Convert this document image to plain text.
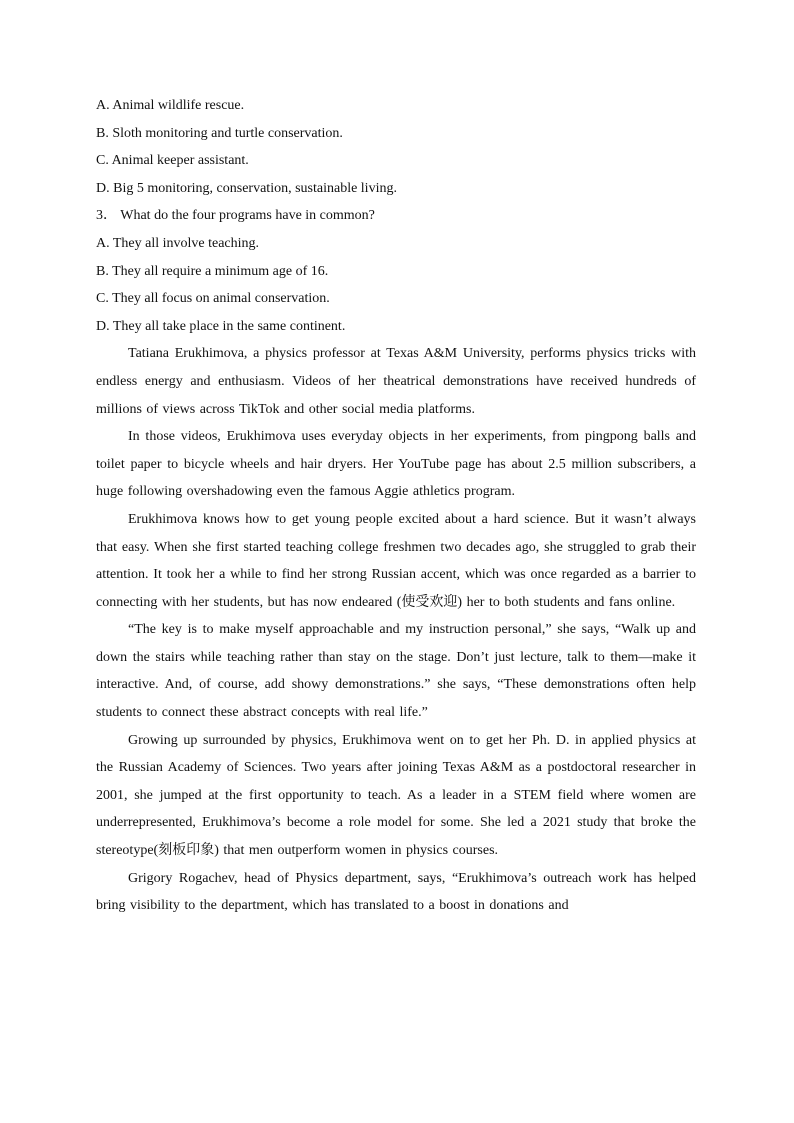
A. Animal wildlife rescue.
B. Sloth monitoring and turtle conservation.
C. Animal keeper assistant.
D. Big 5 monitoring, conservation, sustainable living.
3． What do the four programs have in common?
A. They all involve teaching.
B. They all require a minimum age of 16.
C. They all focus on animal conservation.
D. They all take place in the same continent.

Tatiana Erukhimova, a physics professor at Texas A&M University, performs physics tricks with endless energy and enthusiasm. Videos of her theatrical demonstrations have received hundreds of millions of views across TikTok and other social media platforms.

In those videos, Erukhimova uses everyday objects in her experiments, from pingpong balls and toilet paper to bicycle wheels and hair dryers. Her YouTube page has about 2.5 million subscribers, a huge following overshadowing even the famous Aggie athletics program.

Erukhimova knows how to get young people excited about a hard science. But it wasn’t always that easy. When she first started teaching college freshmen two decades ago, she struggled to grab their attention. It took her a while to find her strong Russian accent, which was once regarded as a barrier to connecting with her students, but has now endeared (使受欢迎) her to both students and fans online.

“The key is to make myself approachable and my instruction personal,” she says, “Walk up and down the stairs while teaching rather than stay on the stage. Don’t just lecture, talk to them—make it interactive. And, of course, add showy demonstrations.” she says, “These demonstrations often help students to connect these abstract concepts with real life.”

Growing up surrounded by physics, Erukhimova went on to get her Ph. D. in applied physics at the Russian Academy of Sciences. Two years after joining Texas A&M as a postdoctoral researcher in 2001, she jumped at the first opportunity to teach. As a leader in a STEM field where women are underrepresented, Erukhimova’s become a role model for some. She led a 2021 study that broke the stereotype(刻板印象) that men outperform women in physics courses.

Grigory Rogachev, head of Physics department, says, “Erukhimova’s outreach work has helped bring visibility to the department, which has translated to a boost in donations and
